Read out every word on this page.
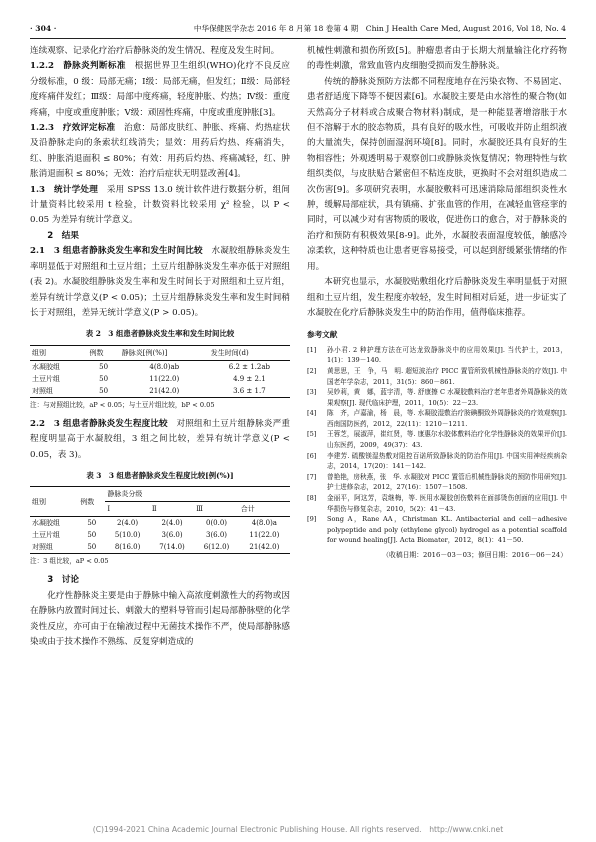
· 304 ·	中华保健医学杂志 2016 年 8 月第 18 卷第 4 期　Chin J Health Care Med, August 2016, Vol 18, No. 4

连续观察、记录化疗治疗后静脉炎的发生情况、程度及发生时间。

1.2.2　 静脉炎判断标准　 根据世界卫生组织(WHO)化疗不良反应分级标准，0 级：局部无痛；Ⅰ级：局部无痛，但发红；Ⅱ级：局部轻度疼痛伴发红；Ⅲ级：局部中度疼痛，轻度肿胀、灼热；Ⅳ级：重度疼痛，中度或重度肿胀；Ⅴ级：顽固性疼痛，中度或重度肿胀[3]。

1.2.3　 疗效评定标准　 治愈：局部皮肤红、肿胀、疼痛、灼热症状及沿静脉走向的条索状红线消失；显效：用药后灼热、疼痛消失，红、肿胀消退面积 ≤ 80%；有效：用药后灼热、疼痛减轻，红、肿胀消退面积 ≤ 80%；无效：治疗后症状无明显改善[4]。

1.3　 统计学处理　 采用 SPSS 13.0 统计软件进行数据分析，组间计量资料比较采用 t 检验，计数资料比较采用 χ² 检验，以 P < 0.05 为差异有统计学意义。

2　结果

2.1　 3 组患者静脉炎发生率和发生时间比较　 水凝胶组静脉炎发生率明显低于对照组和土豆片组；土豆片组静脉炎发生率亦低于对照组(表 2)。水凝胶组静脉炎发生率和发生时间长于对照组和土豆片组，差异有统计学意义(P < 0.05)；土豆片组静脉炎发生率和发生时间稍长于对照组，差异无统计学意义(P > 0.05)。

表 2　3 组患者静脉炎发生率和发生时间比较
组别	例数	静脉炎[例(%)]	发生时间(d)
水凝胶组	50	4(8.0)ab	6.2 ± 1.2ab
土豆片组	50	11(22.0)	4.9 ± 2.1
对照组	50	21(42.0)	3.6 ± 1.7
注：与对照组比较，aP < 0.05；与土豆片组比较，bP < 0.05

2.2　 3 组患者静脉炎发生程度比较　 对照组和土豆片组静脉炎严重程度明显高于水凝胶组，3 组之间比较，差异有统计学意义(P < 0.05，表 3)。

表 3　3 组患者静脉炎发生程度比较[例(%)]
组别	例数	静脉炎分级			
		Ⅰ	Ⅱ	Ⅲ	合计
水凝胶组	50	2(4.0)	2(4.0)	0(0.0)	4(8.0)a
土豆片组	50	5(10.0)	3(6.0)	3(6.0)	11(22.0)
对照组	50	8(16.0)	7(14.0)	6(12.0)	21(42.0)
注：3 组比较，aP < 0.05

3　讨论

化疗性静脉炎主要是由于静脉中输入高浓度刺激性大的药物或因在静脉内放置时间过长、刺激大的塑料导管而引起局部静脉壁的化学炎性反应，亦可由于在输液过程中无菌技术操作不严，使局部静脉感染或由于技术操作不熟练、反复穿刺造成的

机械性刺激和损伤所致[5]。肿瘤患者由于长期大剂量输注化疗药物的毒性刺激，常致血管内皮细胞受损而发生静脉炎。

传统的静脉炎预防方法都不同程度地存在污染衣物、不易固定、患者舒适度下降等不便因素[6]。水凝胶主要是由水溶性的聚合物(如天然高分子材料或合成聚合物材料)制成，是一种能显著增溶胀于水但不溶解于水的胶态物质，具有良好的吸水性，可吸收并防止组织液的大量流失，保持创面湿润环境[8]。同时，水凝胶还具有良好的生物相容性；外观透明易于观察创口或静脉炎恢复情况；物理特性与软组织类似，与皮肤贴合紧密但不粘连皮肤，更换时不会对组织造成二次伤害[9]。多项研究表明，水凝胶敷料可迅速消除局部组织炎性水肿，缓解局部症状，具有镇痛、扩张血管的作用，在减轻血管痉挛的同时，可以减少对有害物质的吸收，促进伤口的愈合，对于静脉炎的治疗和预防有积极效果[8-9]。此外，水凝胶表面湿度较低，触感冷凉柔软，这种特质也让患者更容易接受，可以起到舒缓紧张情绪的作用。

本研究也显示，水凝胶贴敷组化疗后静脉炎发生率明显低于对照组和土豆片组，发生程度亦较轻，发生时间相对后延，进一步证实了水凝胶在化疗后静脉炎发生中的防治作用，值得临床推荐。

参考文献
[1]	孙小君. 2 种护理方法在可达龙致静脉炎中的应用效果[J]. 当代护士，2013，1(1)：139－140.
[2]	黄思思，王　争，马　明. 超短波治疗 PICC 置管所致机械性静脉炎的疗效[J]. 中国老年学杂志，2011，31(5)：860－861.
[3]	吴妙莉，黄　娜，蓝宇清，等. 舒康擦 C 水凝胶敷料治疗老年患者外周静脉炎的效果观察[J]. 现代临床护理，2011，10(5)：22－23.
[4]	陈　齐，卢嘉渝，杨　晨，等. 水凝胶湿敷治疗胺碘酮致外周静脉炎的疗效观察[J]. 西南国防医药，2012，22(11)：1210－1211.
[5]	王蓉芝，展淑萍，崔红贤，等. 康惠尔水胶体敷料治疗化学性静脉炎的效果评价[J]. 山东医药，2009，49(37)：43.
[6]	李建芳. 硫酸镁湿热敷对阻控百诺所致静脉炎的防治作用[J]. 中国实用神经疾病杂志，2014，17(20)：141－142.
[7]	曾艳艳，房秋燕，张　华. 水凝胶对 PICC 置管后机械性静脉炎的预防作用研究[J]. 护士进修杂志，2012，27(16)：1507－1508.
[8]	金丽平，阿这芳，袁继梅，等. 医用水凝胶创伤敷料在面部烫伤创面的应用[J]. 中华损伤与修复杂志，2010，5(2)：41－43.
[9]	Song A，Rane AA，Christman KL. Antibacterial and cell－adhesive polypeptide and poly (ethylene glycol) hydrogel as a potential scaffold for wound healing[J]. Acta Biomater，2012，8(1)：41－50.
（收稿日期：2016－03－03；修回日期：2016－06－24）
(C)1994-2021 China Academic Journal Electronic Publishing House. All rights reserved.　http://www.cnki.net
